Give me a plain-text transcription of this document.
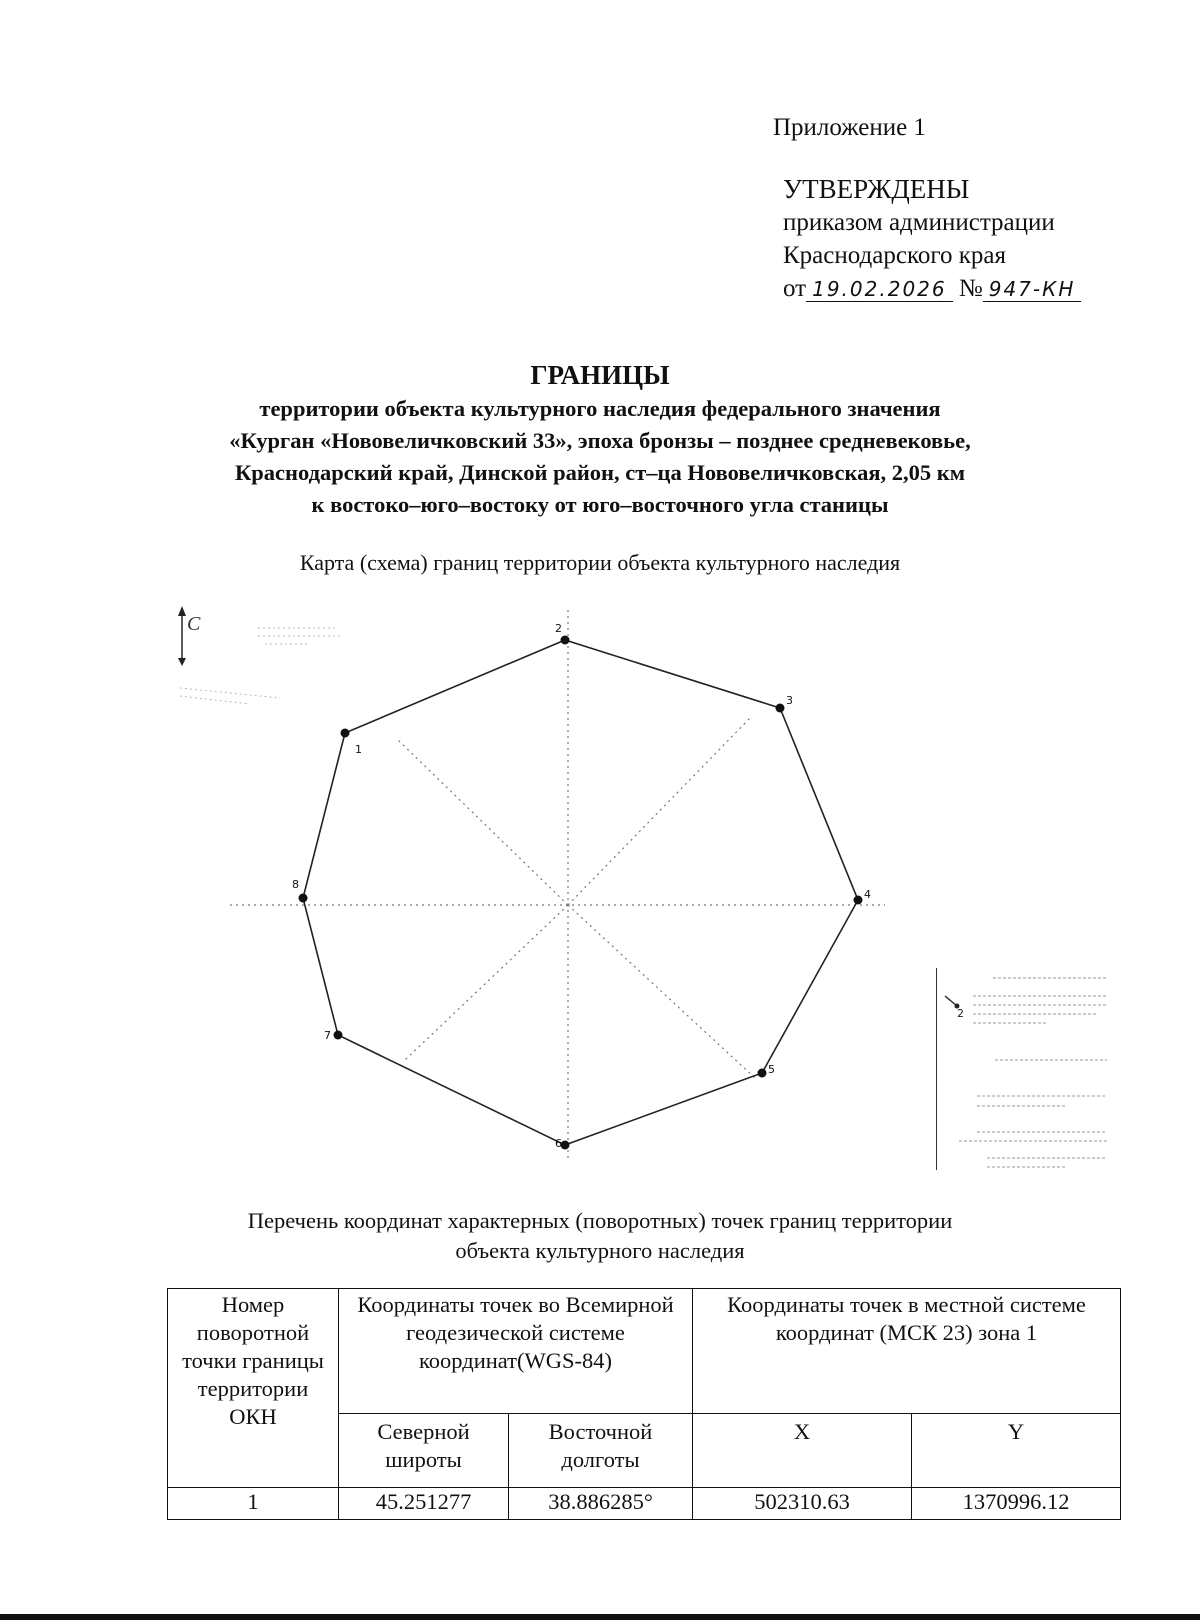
Приложение 1
УТВЕРЖДЕНЫ
приказом администрации
Краснодарского края
от 19.02.2026 № 947-КН
ГРАНИЦЫ
территории объекта культурного наследия федерального значения
«Курган «Нововеличковский 33», эпоха бронзы – позднее средневековье,
Краснодарский край, Динской район, ст–ца Нововеличковская, 2,05 км
к востоко–юго–востоку от юго–восточного угла станицы
Карта (схема) границ территории объекта культурного наследия
С
1
2
3
4
5
6
7
8
2
Перечень координат характерных (поворотных) точек границ территории
объекта культурного наследия
Номер поворотной точки границы территории ОКН	Координаты точек во Всемирной геодезической системе координат(WGS-84)		Координаты точек в местной системе координат (МСК 23) зона 1	
	Северной широты	Восточной долготы	X	Y
1	45.251277	38.886285°	502310.63	1370996.12
